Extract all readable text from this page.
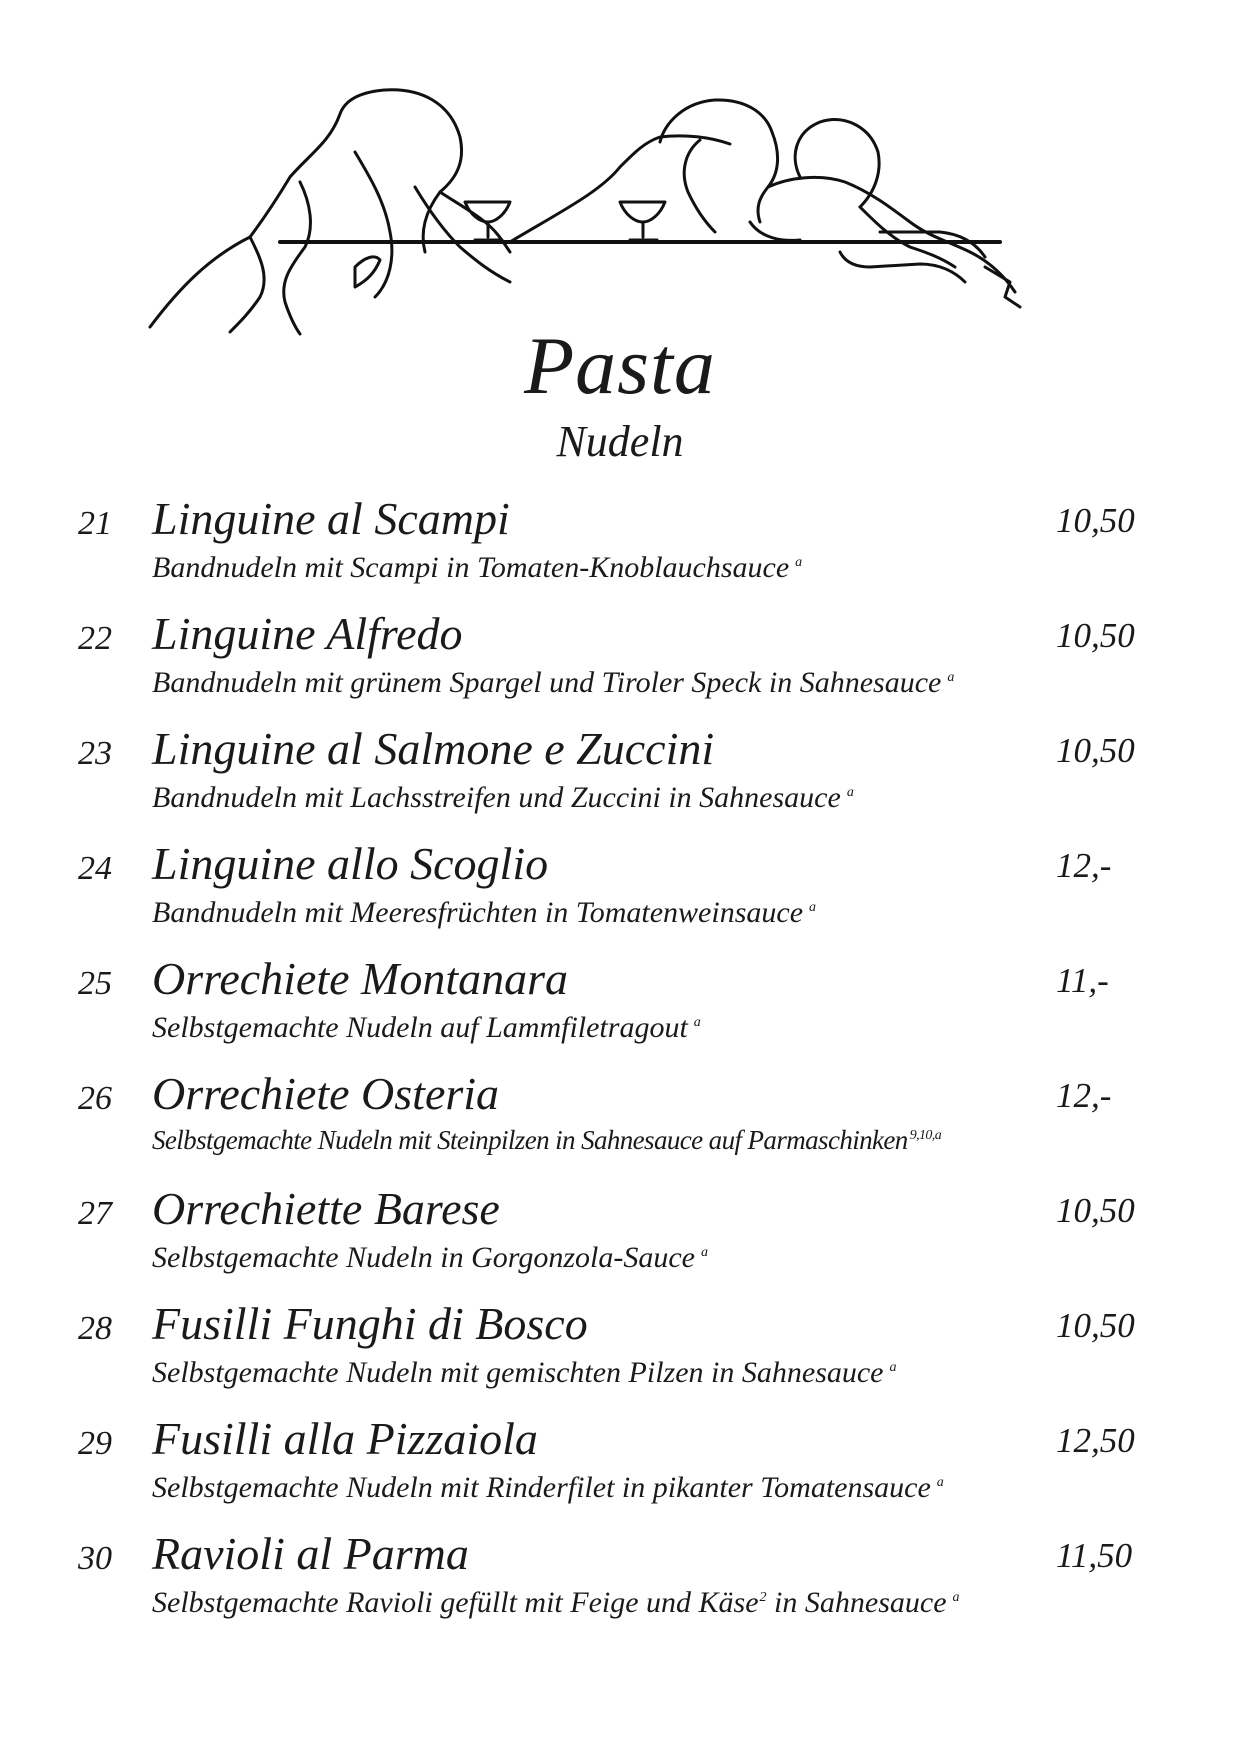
Pasta
Nudeln
21 Linguine al Scampi	10,50
Bandnudeln mit Scampi in Tomaten-Knoblauchsauce $^a$
22 Linguine Alfredo	10,50
Bandnudeln mit grünem Spargel und Tiroler Speck in Sahnesauce $^a$
23 Linguine al Salmone e Zuccini	10,50
Bandnudeln mit Lachsstreifen und Zuccini in Sahnesauce $^a$
24 Linguine allo Scoglio	12,-
Bandnudeln mit Meeresfrüchten in Tomatenweinsauce $^a$
25 Orrechiete Montanara	11,-
Selbstgemachte Nudeln auf Lammfiletragout $^a$
26 Orrechiete Osteria	12,-
Selbstgemachte Nudeln mit Steinpilzen in Sahnesauce auf Parmaschinken $^{9,10,a}$
27 Orrechiette Barese	10,50
Selbstgemachte Nudeln in Gorgonzola-Sauce $^a$
28 Fusilli Funghi di Bosco	10,50
Selbstgemachte Nudeln mit gemischten Pilzen in Sahnesauce $^a$
29 Fusilli alla Pizzaiola	12,50
Selbstgemachte Nudeln mit Rinderfilet in pikanter Tomatensauce $^a$
30 Ravioli al Parma	11,50
Selbstgemachte Ravioli gefüllt mit Feige und Käse$^2$ in Sahnesauce $^a$
